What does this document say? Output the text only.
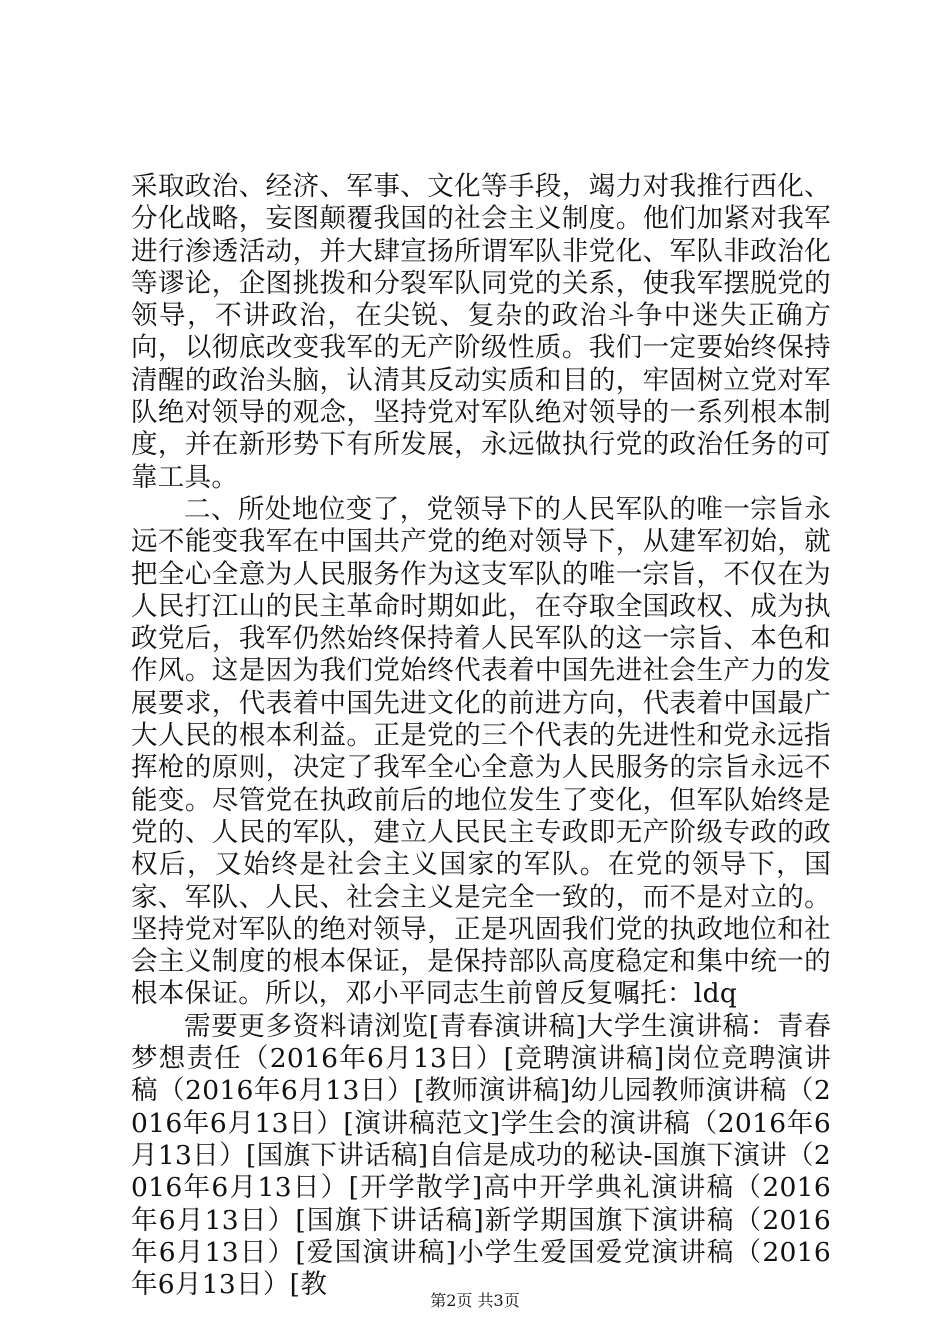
采取政治、经济、军事、文化等手段，竭力对我推行西化、分化战略，妄图颠覆我国的社会主义制度。他们加紧对我军进行渗透活动，并大肆宣扬所谓军队非党化、军队非政治化等谬论，企图挑拨和分裂军队同党的关系，使我军摆脱党的领导，不讲政治，在尖锐、复杂的政治斗争中迷失正确方向，以彻底改变我军的无产阶级性质。我们一定要始终保持清醒的政治头脑，认清其反动实质和目的，牢固树立党对军队绝对领导的观念，坚持党对军队绝对领导的一系列根本制度，并在新形势下有所发展，永远做执行党的政治任务的可靠工具。

二、所处地位变了，党领导下的人民军队的唯一宗旨永远不能变我军在中国共产党的绝对领导下，从建军初始，就把全心全意为人民服务作为这支军队的唯一宗旨，不仅在为人民打江山的民主革命时期如此，在夺取全国政权、成为执政党后，我军仍然始终保持着人民军队的这一宗旨、本色和作风。这是因为我们党始终代表着中国先进社会生产力的发展要求，代表着中国先进文化的前进方向，代表着中国最广大人民的根本利益。正是党的三个代表的先进性和党永远指挥枪的原则，决定了我军全心全意为人民服务的宗旨永远不能变。尽管党在执政前后的地位发生了变化，但军队始终是党的、人民的军队，建立人民民主专政即无产阶级专政的政权后，又始终是社会主义国家的军队。在党的领导下，国家、军队、人民、社会主义是完全一致的，而不是对立的。坚持党对军队的绝对领导，正是巩固我们党的执政地位和社会主义制度的根本保证，是保持部队高度稳定和集中统一的根本保证。所以，邓小平同志生前曾反复嘱托：ldq

需要更多资料请浏览[青春演讲稿]大学生演讲稿：青春梦想责任（2016年6月13日）[竞聘演讲稿]岗位竞聘演讲稿（2016年6月13日）[教师演讲稿]幼儿园教师演讲稿（2016年6月13日）[演讲稿范文]学生会的演讲稿（2016年6月13日）[国旗下讲话稿]自信是成功的秘诀-国旗下演讲（2016年6月13日）[开学散学]高中开学典礼演讲稿（2016年6月13日）[国旗下讲话稿]新学期国旗下演讲稿（2016年6月13日）[爱国演讲稿]小学生爱国爱党演讲稿（2016年6月13日）[教

第2页 共3页
